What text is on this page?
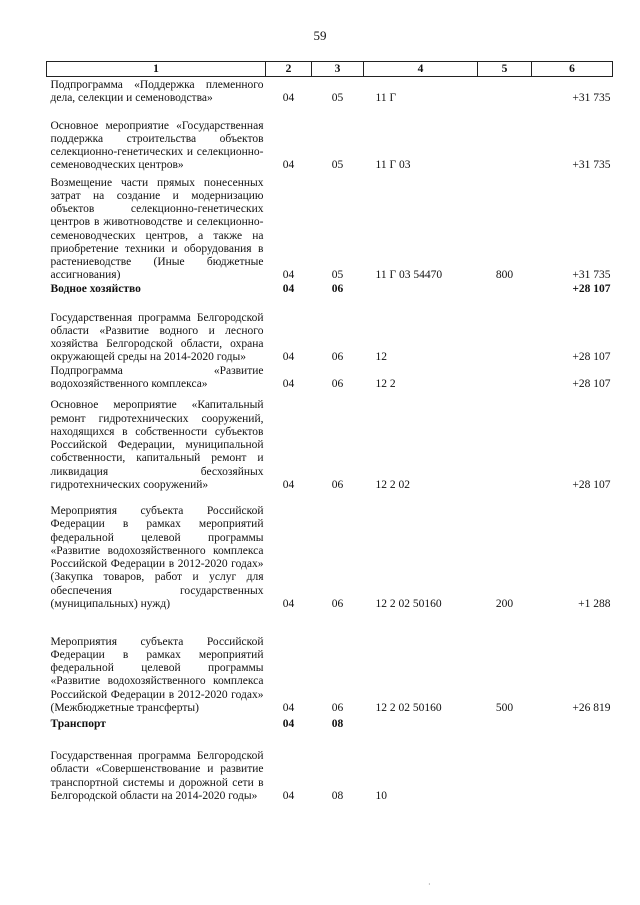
59
1	2	3	4	5	6
Подпрограмма «Поддержка племенного дела, селекции и семеноводства»	04	05	11 Г		+31 735
Основное мероприятие «Государственная поддержка строительства объектов селекционно-генетических и селекционно-семеноводческих центров»	04	05	11 Г 03		+31 735
Возмещение части прямых понесенных затрат на создание и модернизацию объектов селекционно-генетических центров в животноводстве и селекционно-семеноводческих центров, а также на приобретение техники и оборудования в растениеводстве (Иные бюджетные ассигнования)	04	05	11 Г 03 54470	800	+31 735
Водное хозяйство	04	06			+28 107
Государственная программа Белгородской области «Развитие водного и лесного хозяйства Белгородской области, охрана окружающей среды на 2014-2020 годы»	04	06	12		+28 107
Подпрограмма «Развитие водохозяйственного комплекса»	04	06	12 2		+28 107
Основное мероприятие «Капитальный ремонт гидротехнических сооружений, находящихся в собственности субъектов Российской Федерации, муниципальной собственности, капитальный ремонт и ликвидация бесхозяйных гидротехнических сооружений»	04	06	12 2 02		+28 107
Мероприятия субъекта Российской Федерации в рамках мероприятий федеральной целевой программы «Развитие водохозяйственного комплекса Российской Федерации в 2012-2020 годах» (Закупка товаров, работ и услуг для обеспечения государственных (муниципальных) нужд)	04	06	12 2 02 50160	200	+1 288
Мероприятия субъекта Российской Федерации в рамках мероприятий федеральной целевой программы «Развитие водохозяйственного комплекса Российской Федерации в 2012-2020 годах» (Межбюджетные трансферты)	04	06	12 2 02 50160	500	+26 819
Транспорт	04	08			
Государственная программа Белгородской области «Совершенствование и развитие транспортной системы и дорожной сети в Белгородской области на 2014-2020 годы»	04	08	10		
·
